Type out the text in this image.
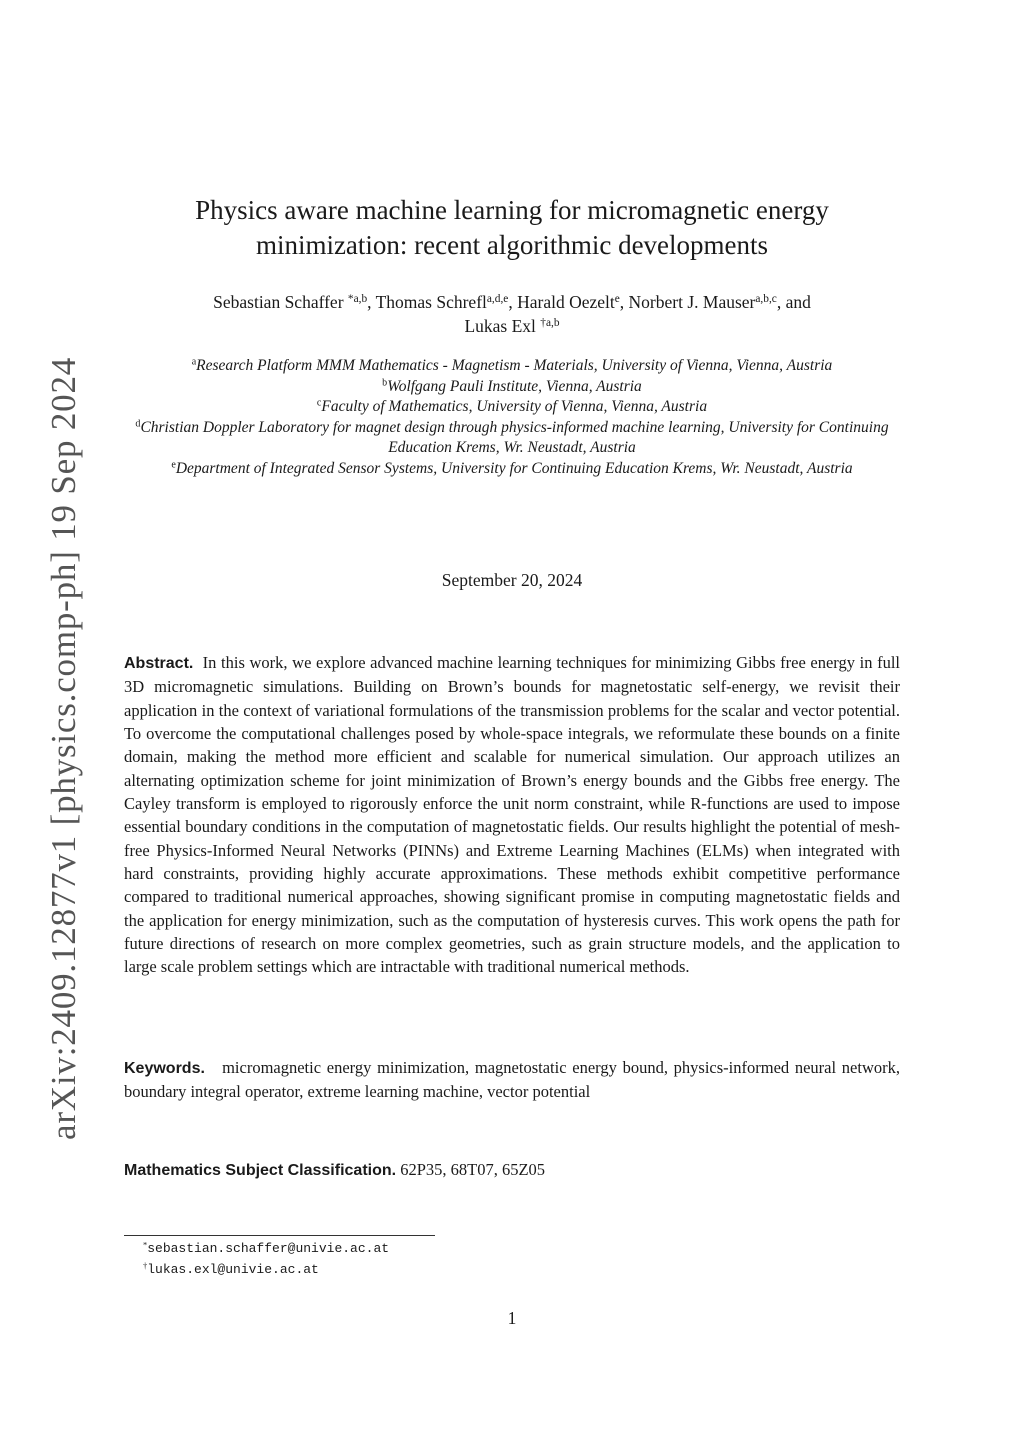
arXiv:2409.12877v1 [physics.comp-ph] 19 Sep 2024
Physics aware machine learning for micromagnetic energy
minimization: recent algorithmic developments
Sebastian Schaffer $^{*a,b}$, Thomas Schrefl$^{a,d,e}$, Harald Oezelt$^e$, Norbert J. Mauser$^{a,b,c}$, and
Lukas Exl $^{\dagger a,b}$
$^a$Research Platform MMM Mathematics - Magnetism - Materials, University of Vienna, Vienna, Austria
$^b$Wolfgang Pauli Institute, Vienna, Austria
$^c$Faculty of Mathematics, University of Vienna, Vienna, Austria
$^d$Christian Doppler Laboratory for magnet design through physics-informed machine learning, University for Continuing Education Krems, Wr. Neustadt, Austria
$^e$Department of Integrated Sensor Systems, University for Continuing Education Krems, Wr. Neustadt, Austria
September 20, 2024

Abstract. In this work, we explore advanced machine learning techniques for minimizing Gibbs free energy in full 3D micromagnetic simulations. Building on Brown’s bounds for magnetostatic self-energy, we revisit their application in the context of variational formulations of the transmission problems for the scalar and vector potential. To overcome the computational challenges posed by whole-space integrals, we reformulate these bounds on a finite domain, making the method more efficient and scalable for numerical simulation. Our approach utilizes an alternating optimization scheme for joint minimization of Brown’s energy bounds and the Gibbs free energy. The Cayley transform is employed to rigorously enforce the unit norm constraint, while R-functions are used to impose essential boundary conditions in the computation of magnetostatic fields. Our results highlight the potential of mesh-free Physics-Informed Neural Networks (PINNs) and Extreme Learning Machines (ELMs) when integrated with hard constraints, providing highly accurate approximations. These methods exhibit competitive performance compared to traditional numerical approaches, showing significant promise in computing magnetostatic fields and the application for energy minimization, such as the computation of hysteresis curves. This work opens the path for future directions of research on more complex geometries, such as grain structure models, and the application to large scale problem settings which are intractable with traditional numerical methods.

Keywords. micromagnetic energy minimization, magnetostatic energy bound, physics-informed neural network, boundary integral operator, extreme learning machine, vector potential

Mathematics Subject Classification. 62P35, 68T07, 65Z05

*sebastian.schaffer@univie.ac.at
†lukas.exl@univie.ac.at
1
